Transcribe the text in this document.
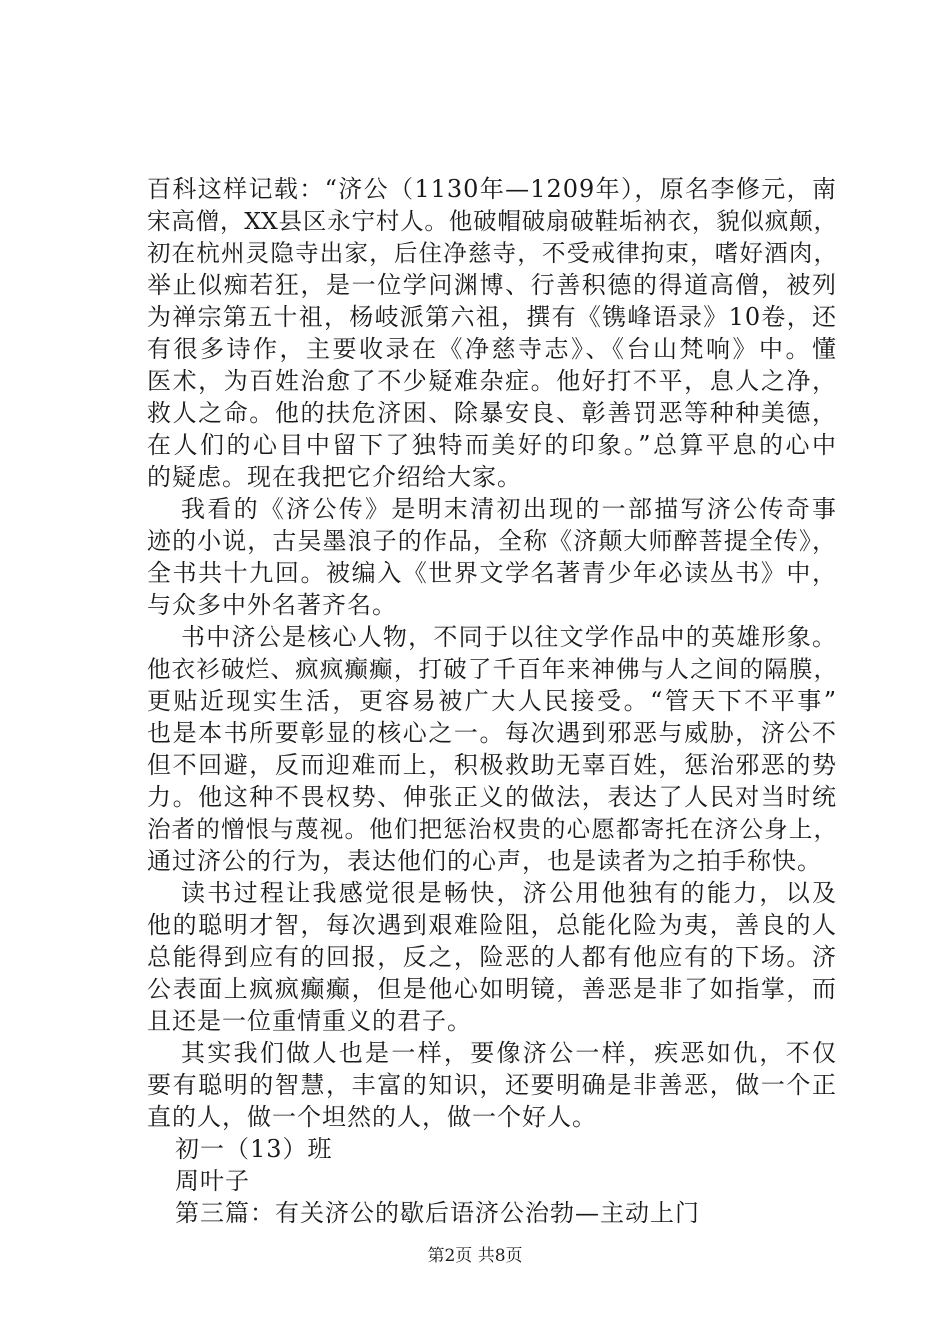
百科这样记载：“济公（1130年—1209年），原名李修元，南
宋高僧，XX县区永宁村人。他破帽破扇破鞋垢衲衣，貌似疯颠，
初在杭州灵隐寺出家，后住净慈寺，不受戒律拘束，嗜好酒肉，
举止似痴若狂，是一位学问渊博、行善积德的得道高僧，被列
为禅宗第五十祖，杨岐派第六祖，撰有《镌峰语录》10卷，还
有很多诗作，主要收录在《净慈寺志》、《台山梵响》中。懂
医术，为百姓治愈了不少疑难杂症。他好打不平，息人之净，
救人之命。他的扶危济困、除暴安良、彰善罚恶等种种美德，
在人们的心目中留下了独特而美好的印象。”总算平息的心中
的疑虑。现在我把它介绍给大家。
我看的《济公传》是明末清初出现的一部描写济公传奇事
迹的小说，古吴墨浪子的作品，全称《济颠大师醉菩提全传》，
全书共十九回。被编入《世界文学名著青少年必读丛书》中，
与众多中外名著齐名。
书中济公是核心人物，不同于以往文学作品中的英雄形象。
他衣衫破烂、疯疯癫癫，打破了千百年来神佛与人之间的隔膜，
更贴近现实生活，更容易被广大人民接受。“管天下不平事”
也是本书所要彰显的核心之一。每次遇到邪恶与威胁，济公不
但不回避，反而迎难而上，积极救助无辜百姓，惩治邪恶的势
力。他这种不畏权势、伸张正义的做法，表达了人民对当时统
治者的憎恨与蔑视。他们把惩治权贵的心愿都寄托在济公身上，
通过济公的行为，表达他们的心声，也是读者为之拍手称快。
读书过程让我感觉很是畅快，济公用他独有的能力，以及
他的聪明才智，每次遇到艰难险阻，总能化险为夷，善良的人
总能得到应有的回报，反之，险恶的人都有他应有的下场。济
公表面上疯疯癫癫，但是他心如明镜，善恶是非了如指掌，而
且还是一位重情重义的君子。
其实我们做人也是一样，要像济公一样，疾恶如仇，不仅
要有聪明的智慧，丰富的知识，还要明确是非善恶，做一个正
直的人，做一个坦然的人，做一个好人。
初一（13）班
周叶子
第三篇：有关济公的歇后语济公治勃—主动上门
第2页 共8页
